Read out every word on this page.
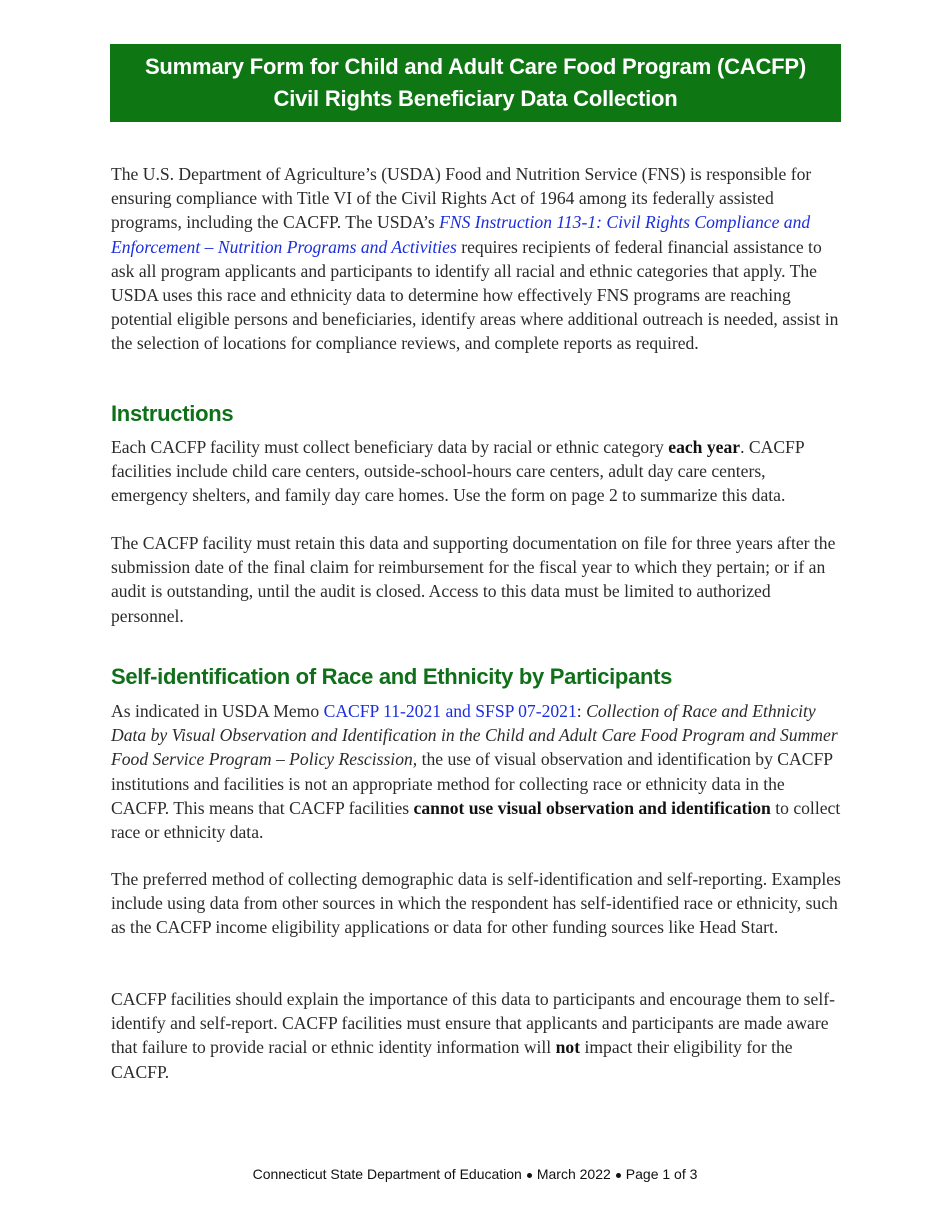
Summary Form for Child and Adult Care Food Program (CACFP)
Civil Rights Beneficiary Data Collection

The U.S. Department of Agriculture’s (USDA) Food and Nutrition Service (FNS) is responsible for ensuring compliance with Title VI of the Civil Rights Act of 1964 among its federally assisted programs, including the CACFP. The USDA’s FNS Instruction 113-1: Civil Rights Compliance and Enforcement – Nutrition Programs and Activities requires recipients of federal financial assistance to ask all program applicants and participants to identify all racial and ethnic categories that apply. The USDA uses this race and ethnicity data to determine how effectively FNS programs are reaching potential eligible persons and beneficiaries, identify areas where additional outreach is needed, assist in the selection of locations for compliance reviews, and complete reports as required.

Instructions

Each CACFP facility must collect beneficiary data by racial or ethnic category each year. CACFP facilities include child care centers, outside-school-hours care centers, adult day care centers, emergency shelters, and family day care homes. Use the form on page 2 to summarize this data.

The CACFP facility must retain this data and supporting documentation on file for three years after the submission date of the final claim for reimbursement for the fiscal year to which they pertain; or if an audit is outstanding, until the audit is closed. Access to this data must be limited to authorized personnel.

Self-identification of Race and Ethnicity by Participants

As indicated in USDA Memo CACFP 11-2021 and SFSP 07-2021: Collection of Race and Ethnicity Data by Visual Observation and Identification in the Child and Adult Care Food Program and Summer Food Service Program – Policy Rescission, the use of visual observation and identification by CACFP institutions and facilities is not an appropriate method for collecting race or ethnicity data in the CACFP. This means that CACFP facilities cannot use visual observation and identification to collect race or ethnicity data.

The preferred method of collecting demographic data is self-identification and self-reporting. Examples include using data from other sources in which the respondent has self-identified race or ethnicity, such as the CACFP income eligibility applications or data for other funding sources like Head Start.

CACFP facilities should explain the importance of this data to participants and encourage them to self-identify and self-report. CACFP facilities must ensure that applicants and participants are made aware that failure to provide racial or ethnic identity information will not impact their eligibility for the CACFP.

Connecticut State Department of Education March 2022 Page 1 of 3
